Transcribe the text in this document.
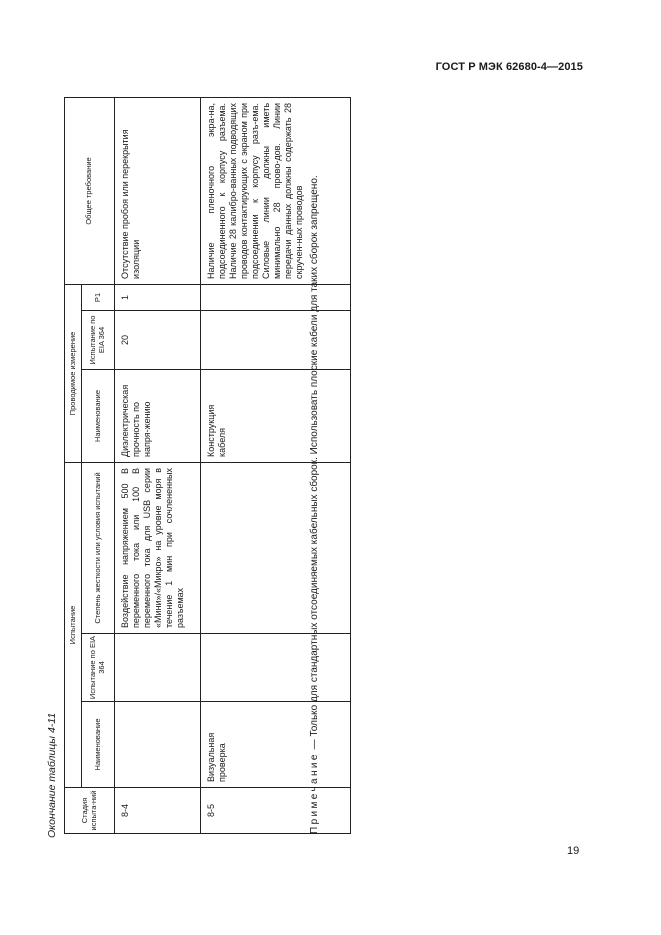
ГОСТ Р МЭК 62680-4—2015
Окончание таблицы 4-11	Стадия испыта-ний	Испытание			Проводимое измерение			Общее требование
	Наименование	Испытание по EIA 364	Степень жесткости или условия испытаний	Наименование	Испытание по EIA 364	Р1	
8-4			Воздействие напряжением 500 В переменного тока или 100 В переменного тока для USB серии «Мини»/«Микро» на уровне моря в течение 1 мин при сочлененных разъемах	Диэлектрическая прочность по напря-жению	20	1	Отсутствие пробоя или перекрытия изоляции
8-5	Визуальная проверка			Конструкция кабеля			Наличие пленочного экра-на, подсоединенного к корпусу разъема. Наличие 28 калибро-ванных подводящих проводов контактирующих с экраном при подсоединении к корпусу разъ-ема. Силовые линии должны иметь минимально 28 прово-дов. Линии передачи данных должны содержать 28 скручен-ных проводов
Примечание — Только для стандартных отсоединяемых кабельных сборок. Использовать плоские кабели для таких сборок запрещено.
19
